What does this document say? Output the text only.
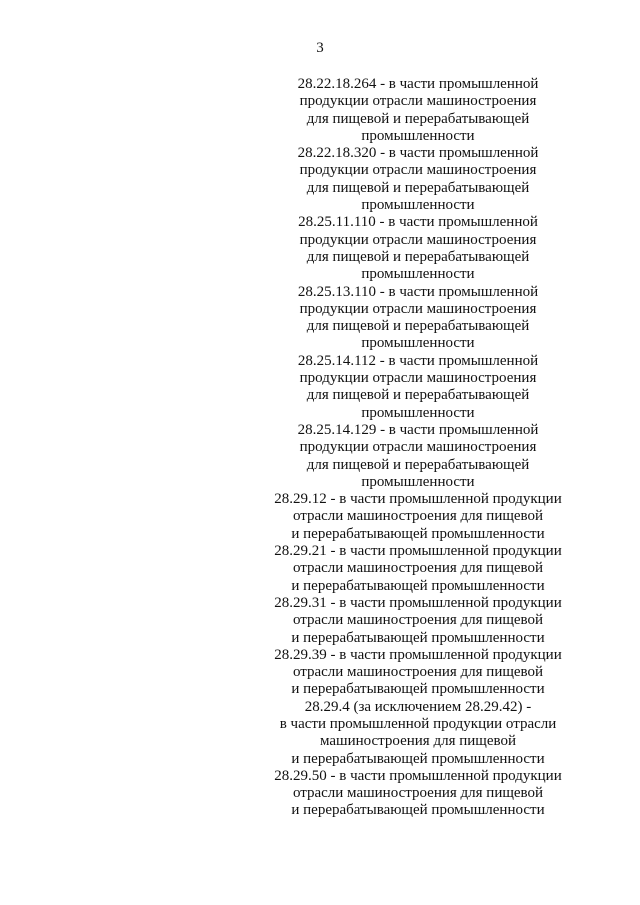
3
28.22.18.264 - в части промышленной
продукции отрасли машиностроения
для пищевой и перерабатывающей
промышленности
28.22.18.320 - в части промышленной
продукции отрасли машиностроения
для пищевой и перерабатывающей
промышленности
28.25.11.110 - в части промышленной
продукции отрасли машиностроения
для пищевой и перерабатывающей
промышленности
28.25.13.110 - в части промышленной
продукции отрасли машиностроения
для пищевой и перерабатывающей
промышленности
28.25.14.112 - в части промышленной
продукции отрасли машиностроения
для пищевой и перерабатывающей
промышленности
28.25.14.129 - в части промышленной
продукции отрасли машиностроения
для пищевой и перерабатывающей
промышленности
28.29.12 - в части промышленной продукции
отрасли машиностроения для пищевой
и перерабатывающей промышленности
28.29.21 - в части промышленной продукции
отрасли машиностроения для пищевой
и перерабатывающей промышленности
28.29.31 - в части промышленной продукции
отрасли машиностроения для пищевой
и перерабатывающей промышленности
28.29.39 - в части промышленной продукции
отрасли машиностроения для пищевой
и перерабатывающей промышленности
28.29.4 (за исключением 28.29.42) -
в части промышленной продукции отрасли
машиностроения для пищевой
и перерабатывающей промышленности
28.29.50 - в части промышленной продукции
отрасли машиностроения для пищевой
и перерабатывающей промышленности
